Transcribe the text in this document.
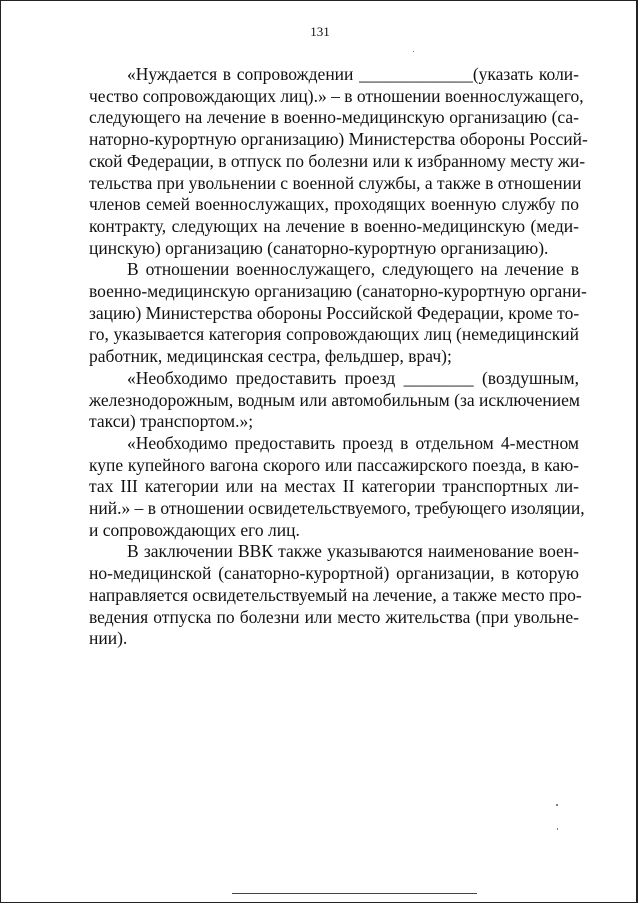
131
«Нуждается в сопровождении _____________(указать коли-
чество сопровождающих лиц).» – в отношении военнослужащего,
следующего на лечение в военно-медицинскую организацию (са-
наторно-курортную организацию) Министерства обороны Россий-
ской Федерации, в отпуск по болезни или к избранному месту жи-
тельства при увольнении с военной службы, а также в отношении
членов семей военнослужащих, проходящих военную службу по
контракту, следующих на лечение в военно-медицинскую (меди-
цинскую) организацию (санаторно-курортную организацию).
В отношении военнослужащего, следующего на лечение в
военно-медицинскую организацию (санаторно-курортную органи-
зацию) Министерства обороны Российской Федерации, кроме то-
го, указывается категория сопровождающих лиц (немедицинский
работник, медицинская сестра, фельдшер, врач);
«Необходимо предоставить проезд ________ (воздушным,
железнодорожным, водным или автомобильным (за исключением
такси) транспортом.»;
«Необходимо предоставить проезд в отдельном 4-местном
купе купейного вагона скорого или пассажирского поезда, в каю-
тах III категории или на местах II категории транспортных ли-
ний.» – в отношении освидетельствуемого, требующего изоляции,
и сопровождающих его лиц.
В заключении ВВК также указываются наименование воен-
но-медицинской (санаторно-курортной) организации, в которую
направляется освидетельствуемый на лечение, а также место про-
ведения отпуска по болезни или место жительства (при увольне-
нии).
